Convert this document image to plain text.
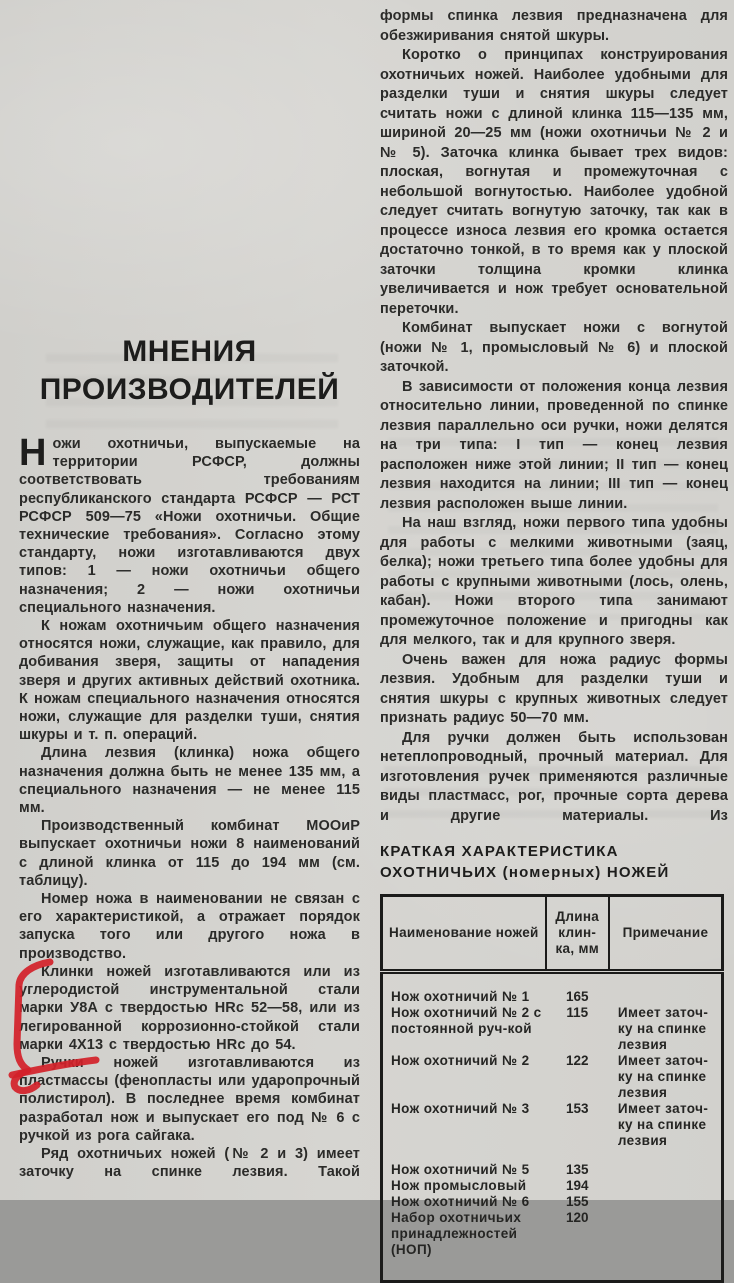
МНЕНИЯ
ПРОИЗВОДИТЕЛЕЙ

Ножи охотничьи, выпускаемые на территории РСФСР, должны соответствовать требованиям республиканского стандарта РСФСР — РСТ РСФСР 509—75 «Ножи охотничьи. Общие технические требования». Согласно этому стандарту, ножи изготавливаются двух типов: 1 — ножи охотничьи общего назначения; 2 — ножи охотничьи специального назначения.

К ножам охотничьим общего назначения относятся ножи, служащие, как правило, для добивания зверя, защиты от нападения зверя и других активных действий охотника. К ножам специального назначения относятся ножи, служащие для разделки туши, снятия шкуры и т. п. операций.

Длина лезвия (клинка) ножа общего назначения должна быть не менее 135 мм, а специального назначения — не менее 115 мм.

Производственный комбинат МООиР выпускает охотничьи ножи 8 наименований с длиной клинка от 115 до 194 мм (см. таблицу).

Номер ножа в наименовании не связан с его характеристикой, а отражает порядок запуска того или другого ножа в производство.

Клинки ножей изготавливаются или из углеродистой инструментальной стали марки У8А с твердостью HRc 52—58, или из легированной коррозионно-стойкой стали марки 4X13 с твердостью HRc до 54.

Ручки ножей изготавливаются из пластмассы (фенопласты или ударопрочный полистирол). В последнее время комбинат разработал нож и выпускает его под № 6 с ручкой из рога сайгака.

Ряд охотничьих ножей (№ 2 и 3) имеет заточку на спинке лезвия. Такой

формы спинка лезвия предназначена для обезжиривания снятой шкуры.

Коротко о принципах конструирования охотничьих ножей. Наиболее удобными для разделки туши и снятия шкуры следует считать ножи с длиной клинка 115—135 мм, шириной 20—25 мм (ножи охотничьи № 2 и № 5). Заточка клинка бывает трех видов: плоская, вогнутая и промежуточная с небольшой вогнутостью. Наиболее удобной следует считать вогнутую заточку, так как в процессе износа лезвия его кромка остается достаточно тонкой, в то время как у плоской заточки толщина кромки клинка увеличивается и нож требует основательной переточки.

Комбинат выпускает ножи с вогнутой (ножи № 1, промысловый № 6) и плоской заточкой.

В зависимости от положения конца лезвия относительно линии, проведенной по спинке лезвия параллельно оси ручки, ножи делятся на три типа: I тип — конец лезвия расположен ниже этой линии; II тип — конец лезвия находится на линии; III тип — конец лезвия расположен выше линии.

На наш взгляд, ножи первого типа удобны для работы с мелкими животными (заяц, белка); ножи третьего типа более удобны для работы с крупными животными (лось, олень, кабан). Ножи второго типа занимают промежуточное положение и пригодны как для мелкого, так и для крупного зверя.

Очень важен для ножа радиус формы лезвия. Удобным для разделки туши и снятия шкуры с крупных животных следует признать радиус 50—70 мм.

Для ручки должен быть использован нетеплопроводный, прочный материал. Для изготовления ручек применяются различные виды пластмасс, рог, прочные сорта дерева и другие материалы. Из

КРАТКАЯ ХАРАКТЕРИСТИКА
ОХОТНИЧЬИХ (номерных) НОЖЕЙ
Наименование ножей	Длина клин-ка, мм	Примечание
Нож охотничий № 1	165	
Нож охотничий № 2 с постоянной руч-кой	115	Имеет заточ-ку на спинке лезвия
Нож охотничий № 2	122	Имеет заточ-ку на спинке лезвия
Нож охотничий № 3	153	Имеет заточ-ку на спинке лезвия
Нож охотничий № 5	135	
Нож промысловый	194	
Нож охотничий № 6	155	
Набор охотничьих принадлежностей (НОП)	120	
